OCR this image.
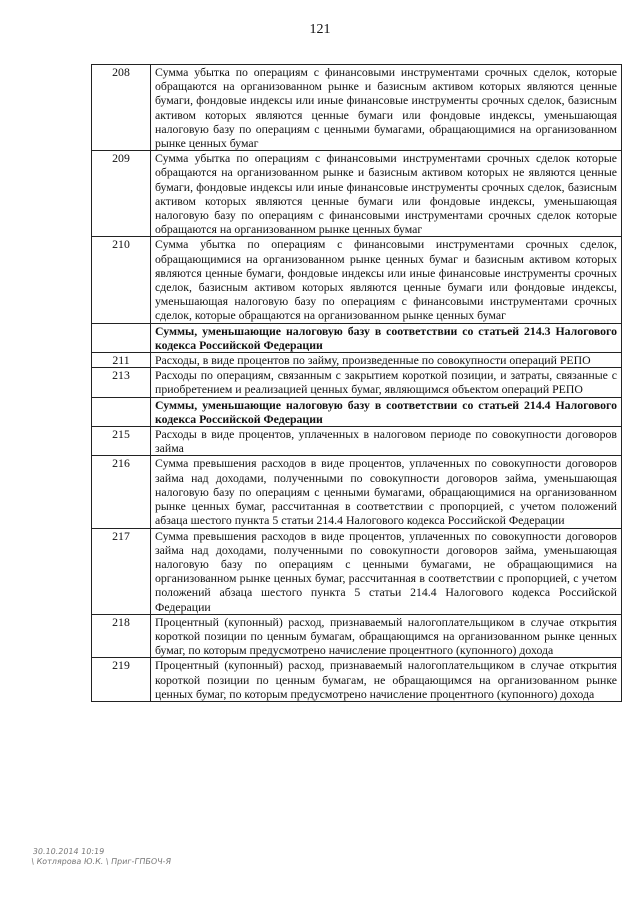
121
208	Сумма убытка по операциям с финансовыми инструментами срочных сделок, которые обращаются на организованном рынке и базисным активом которых являются ценные бумаги, фондовые индексы или иные финансовые инструменты срочных сделок, базисным активом которых являются ценные бумаги или фондовые индексы, уменьшающая налоговую базу по операциям с ценными бумагами, обращающимися на организованном рынке ценных бумаг
209	Сумма убытка по операциям с финансовыми инструментами срочных сделок которые обращаются на организованном рынке и базисным активом которых не являются ценные бумаги, фондовые индексы или иные финансовые инструменты срочных сделок, базисным активом которых являются ценные бумаги или фондовые индексы, уменьшающая налоговую базу по операциям с финансовыми инструментами срочных сделок которые обращаются на организованном рынке ценных бумаг
210	Сумма убытка по операциям с финансовыми инструментами срочных сделок, обращающимися на организованном рынке ценных бумаг и базисным активом которых являются ценные бумаги, фондовые индексы или иные финансовые инструменты срочных сделок, базисным активом которых являются ценные бумаги или фондовые индексы, уменьшающая налоговую базу по операциям с финансовыми инструментами срочных сделок, которые обращаются на организованном рынке ценных бумаг
	Суммы, уменьшающие налоговую базу в соответствии со статьей 214.3 Налогового кодекса Российской Федерации
211	Расходы, в виде процентов по займу, произведенные по совокупности операций РЕПО
213	Расходы по операциям, связанным с закрытием короткой позиции, и затраты, связанные с приобретением и реализацией ценных бумаг, являющимся объектом операций РЕПО
	Суммы, уменьшающие налоговую базу в соответствии со статьей 214.4 Налогового кодекса Российской Федерации
215	Расходы в виде процентов, уплаченных в налоговом периоде по совокупности договоров займа
216	Сумма превышения расходов в виде процентов, уплаченных по совокупности договоров займа над доходами, полученными по совокупности договоров займа, уменьшающая налоговую базу по операциям с ценными бумагами, обращающимися на организованном рынке ценных бумаг, рассчитанная в соответствии с пропорцией, с учетом положений абзаца шестого пункта 5 статьи 214.4 Налогового кодекса Российской Федерации
217	Сумма превышения расходов в виде процентов, уплаченных по совокупности договоров займа над доходами, полученными по совокупности договоров займа, уменьшающая налоговую базу по операциям с ценными бумагами, не обращающимися на организованном рынке ценных бумаг, рассчитанная в соответствии с пропорцией, с учетом положений абзаца шестого пункта 5 статьи 214.4 Налогового кодекса Российской Федерации
218	Процентный (купонный) расход, признаваемый налогоплательщиком в случае открытия короткой позиции по ценным бумагам, обращающимся на организованном рынке ценных бумаг, по которым предусмотрено начисление процентного (купонного) дохода
219	Процентный (купонный) расход, признаваемый налогоплательщиком в случае открытия короткой позиции по ценным бумагам, не обращающимся на организованном рынке ценных бумаг, по которым предусмотрено начисление процентного (купонного) дохода
30.10.2014 10:19
\ Котлярова Ю.К. \ Приг-ГПБОЧ-Я
